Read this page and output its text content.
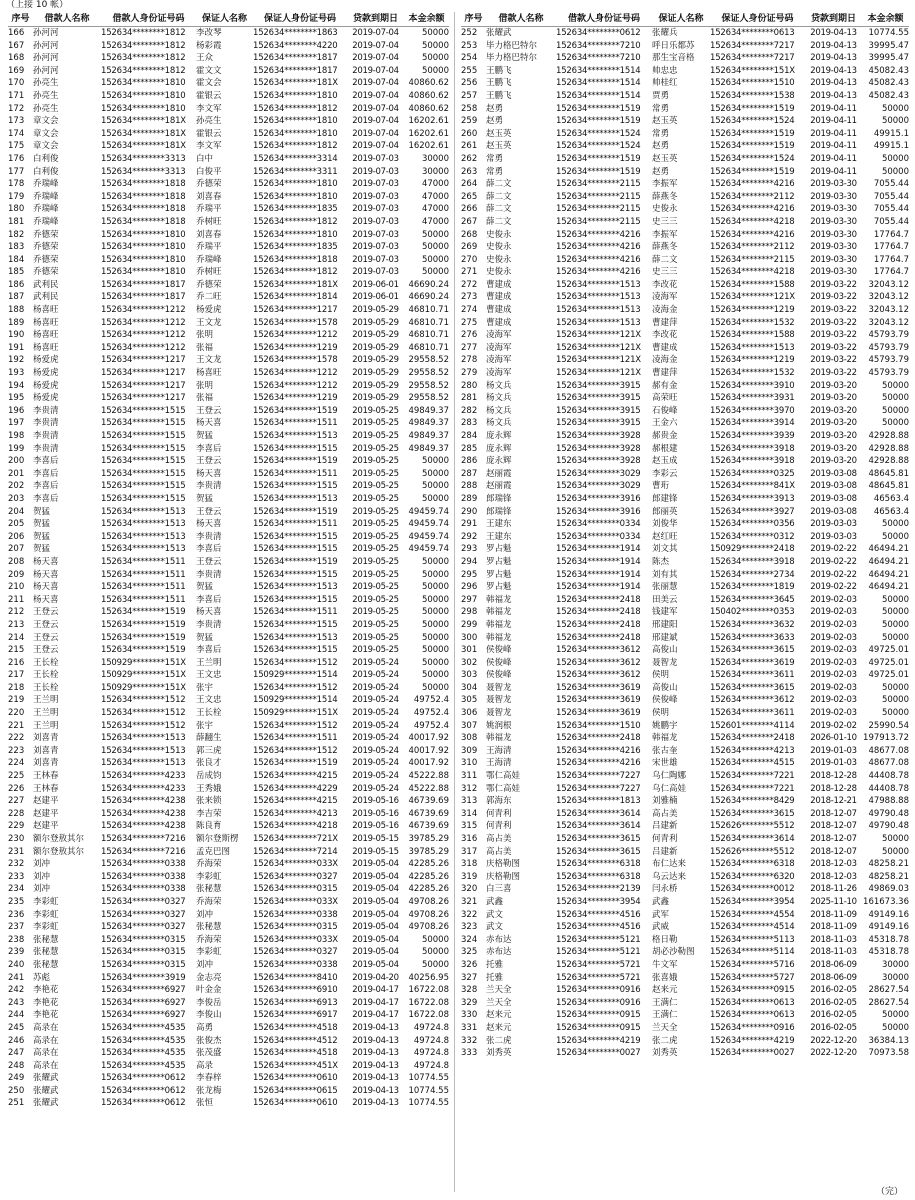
（上接 10 帐）
序号	借款人名称	借款人身份证号码	保证人名称	保证人身份证号码	贷款到期日	本金余额
166	孙河河	152634********1812	李改琴	152634********1863	2019-07-04	50000
167	孙河河	152634********1812	杨彩霞	152634********4220	2019-07-04	50000
168	孙河河	152634********1812	王众	152634********1817	2019-07-04	50000
169	孙河河	152634********1812	霍文文	152634********1817	2019-07-04	50000
170	孙亮生	152634********1810	霍文会	152634********181X	2019-07-04	40860.62
171	孙亮生	152634********1810	霍银云	152634********1810	2019-07-04	40860.62
172	孙亮生	152634********1810	李文军	152634********1812	2019-07-04	40860.62
173	章文会	152634********181X	孙亮生	152634********1810	2019-07-04	16202.61
174	章文会	152634********181X	霍银云	152634********1810	2019-07-04	16202.61
175	章文会	152634********181X	李文军	152634********1812	2019-07-04	16202.61
176	白利俊	152634********3313	白中	152634********3314	2019-07-03	30000
177	白利俊	152634********3313	白俊平	152634********3311	2019-07-03	30000
178	乔瑞峰	152634********1818	乔德荣	152634********1810	2019-07-03	47000
179	乔瑞峰	152634********1818	刘喜春	152634********1810	2019-07-03	47000
180	乔瑞峰	152634********1818	乔瑞平	152634********1835	2019-07-03	47000
181	乔瑞峰	152634********1818	乔树旺	152634********1812	2019-07-03	47000
182	乔德荣	152634********1810	刘喜春	152634********1810	2019-07-03	50000
183	乔德荣	152634********1810	乔瑞平	152634********1835	2019-07-03	50000
184	乔德荣	152634********1810	乔瑞峰	152634********1818	2019-07-03	50000
185	乔德荣	152634********1810	乔树旺	152634********1812	2019-07-03	50000
186	武利民	152634********1817	乔德荣	152634********181X	2019-06-01	46690.24
187	武利民	152634********1817	乔二旺	152634********1814	2019-06-01	46690.24
188	杨喜旺	152634********1212	杨爱虎	152634********1217	2019-05-29	46810.71
189	杨喜旺	152634********1212	王文龙	152634********1578	2019-05-29	46810.71
190	杨喜旺	152634********1212	张明	152634********1212	2019-05-29	46810.71
191	杨喜旺	152634********1212	张福	152634********1219	2019-05-29	46810.71
192	杨爱虎	152634********1217	王文龙	152634********1578	2019-05-29	29558.52
193	杨爱虎	152634********1217	杨喜旺	152634********1212	2019-05-29	29558.52
194	杨爱虎	152634********1217	张明	152634********1212	2019-05-29	29558.52
195	杨爱虎	152634********1217	张福	152634********1219	2019-05-29	29558.52
196	李贵清	152634********1515	王登云	152634********1519	2019-05-25	49849.37
197	李贵清	152634********1515	杨天喜	152634********1511	2019-05-25	49849.37
198	李贵清	152634********1515	贺猛	152634********1513	2019-05-25	49849.37
199	李贵清	152634********1515	李喜后	152634********1515	2019-05-25	49849.37
200	李喜后	152634********1515	王登云	152634********1519	2019-05-25	50000
201	李喜后	152634********1515	杨天喜	152634********1511	2019-05-25	50000
202	李喜后	152634********1515	李贵清	152634********1515	2019-05-25	50000
203	李喜后	152634********1515	贺猛	152634********1513	2019-05-25	50000
204	贺猛	152634********1513	王登云	152634********1519	2019-05-25	49459.74
205	贺猛	152634********1513	杨天喜	152634********1511	2019-05-25	49459.74
206	贺猛	152634********1513	李贵清	152634********1515	2019-05-25	49459.74
207	贺猛	152634********1513	李喜后	152634********1515	2019-05-25	49459.74
208	杨天喜	152634********1511	王登云	152634********1519	2019-05-25	50000
209	杨天喜	152634********1511	李贵清	152634********1515	2019-05-25	50000
210	杨天喜	152634********1511	贺猛	152634********1513	2019-05-25	50000
211	杨天喜	152634********1511	李喜后	152634********1515	2019-05-25	50000
212	王登云	152634********1519	杨天喜	152634********1511	2019-05-25	50000
213	王登云	152634********1519	李贵清	152634********1515	2019-05-25	50000
214	王登云	152634********1519	贺猛	152634********1513	2019-05-25	50000
215	王登云	152634********1519	李喜后	152634********1515	2019-05-25	50000
216	王长栓	150929********151X	王兰明	152634********1512	2019-05-24	50000
217	王长栓	150929********151X	王文忠	150929********1514	2019-05-24	50000
218	王长栓	150929********151X	张宇	152634********1512	2019-05-24	50000
219	王兰明	152634********1512	王文忠	150929********1514	2019-05-24	49752.4
220	王兰明	152634********1512	王长栓	150929********151X	2019-05-24	49752.4
221	王兰明	152634********1512	张宇	152634********1512	2019-05-24	49752.4
222	刘喜青	152634********1513	薛翻生	152634********1511	2019-05-24	40017.92
223	刘喜青	152634********1513	郭三虎	152634********1512	2019-05-24	40017.92
224	刘喜青	152634********1513	张良才	152634********1519	2019-05-24	40017.92
225	王林春	152634********4233	岳成钧	152634********4215	2019-05-24	45222.88
226	王林春	152634********4233	王秀娥	152634********4229	2019-05-24	45222.88
227	赵建平	152634********4238	张来锁	152634********4215	2019-05-16	46739.69
228	赵建平	152634********4238	李吉荣	152634********4213	2019-05-16	46739.69
229	赵建平	152634********4238	陈良育	152634********4218	2019-05-16	46739.69
230	额尔登敖其尔	152634********7216	额尔登斯楞	152634********721X	2019-05-15	39785.29
231	额尔登敖其尔	152634********7216	孟克巴图	152634********7214	2019-05-15	39785.29
232	刘冲	152634********0338	乔海荣	152634********033X	2019-05-04	42285.26
233	刘冲	152634********0338	李彩虹	152634********0327	2019-05-04	42285.26
234	刘冲	152634********0338	张秘慧	152634********0315	2019-05-04	42285.26
235	李彩虹	152634********0327	乔海荣	152634********033X	2019-05-04	49708.26
236	李彩虹	152634********0327	刘冲	152634********0338	2019-05-04	49708.26
237	李彩虹	152634********0327	张秘慧	152634********0315	2019-05-04	49708.26
238	张秘慧	152634********0315	乔海荣	152634********033X	2019-05-04	50000
239	张秘慧	152634********0315	李彩虹	152634********0327	2019-05-04	50000
240	张秘慧	152634********0315	刘冲	152634********0338	2019-05-04	50000
241	苏彪	152634********3919	金志亮	152634********8410	2019-04-20	40256.95
242	李艳花	152634********6927	叶金金	152634********6910	2019-04-17	16722.08
243	李艳花	152634********6927	李俊岳	152634********6913	2019-04-17	16722.08
244	李艳花	152634********6927	李俊山	152634********6917	2019-04-17	16722.08
245	高录在	152634********4535	高勇	152634********4518	2019-04-13	49724.8
246	高录在	152634********4535	张俊杰	152634********4512	2019-04-13	49724.8
247	高录在	152634********4535	张茂盛	152634********4518	2019-04-13	49724.8
248	高录在	152634********4535	高录	152634********451X	2019-04-13	49724.8
249	张耀武	152634********0612	李春梓	152634********0610	2019-04-13	10774.55
250	张耀武	152634********0612	张龙梅	152634********0615	2019-04-13	10774.55
251	张耀武	152634********0612	张恒	152634********0610	2019-04-13	10774.55
序号	借款人名称	借款人身份证号码	保证人名称	保证人身份证号码	贷款到期日	本金余额
252	张耀武	152634********0612	张耀兵	152634********0613	2019-04-13	10774.55
253	毕力格巴特尔	152634********7210	呼日乐都苏	152634********7217	2019-04-13	39995.47
254	毕力格巴特尔	152634********7210	那生宝音格	152634********7217	2019-04-13	39995.47
255	王鹏飞	152634********1514	帅忠忠	152634********151X	2019-04-13	45082.43
256	王鹏飞	152634********1514	帅桂红	152634********1510	2019-04-13	45082.43
257	王鹏飞	152634********1514	贾勇	152634********1538	2019-04-13	45082.43
258	赵勇	152634********1519	常勇	152634********1519	2019-04-11	50000
259	赵勇	152634********1519	赵玉英	152634********1524	2019-04-11	50000
260	赵玉英	152634********1524	常勇	152634********1519	2019-04-11	49915.1
261	赵玉英	152634********1524	赵勇	152634********1519	2019-04-11	49915.1
262	常勇	152634********1519	赵玉英	152634********1524	2019-04-11	50000
263	常勇	152634********1519	赵勇	152634********1519	2019-04-11	50000
264	薛二文	152634********2115	李振军	152634********4216	2019-03-30	7055.44
265	薛二文	152634********2115	薛燕冬	152634********2112	2019-03-30	7055.44
266	薛二文	152634********2115	史俊永	152634********4216	2019-03-30	7055.44
267	薛二文	152634********2115	史三三	152634********4218	2019-03-30	7055.44
268	史俊永	152634********4216	李振军	152634********4216	2019-03-30	17764.7
269	史俊永	152634********4216	薛燕冬	152634********2112	2019-03-30	17764.7
270	史俊永	152634********4216	薛二文	152634********2115	2019-03-30	17764.7
271	史俊永	152634********4216	史三三	152634********4218	2019-03-30	17764.7
272	曹建成	152634********1513	李改花	152634********1588	2019-03-22	32043.12
273	曹建成	152634********1513	凌海军	152634********121X	2019-03-22	32043.12
274	曹建成	152634********1513	凌海金	152634********1219	2019-03-22	32043.12
275	曹建成	152634********1513	曹建萍	152634********1532	2019-03-22	32043.12
276	凌海军	152634********121X	李改花	152634********1588	2019-03-22	45793.79
277	凌海军	152634********121X	曹建成	152634********1513	2019-03-22	45793.79
278	凌海军	152634********121X	凌海金	152634********1219	2019-03-22	45793.79
279	凌海军	152634********121X	曹建萍	152634********1532	2019-03-22	45793.79
280	杨文兵	152634********3915	郝有金	152634********3910	2019-03-20	50000
281	杨文兵	152634********3915	高荣旺	152634********3931	2019-03-20	50000
282	杨文兵	152634********3915	石俊峰	152634********3970	2019-03-20	50000
283	杨文兵	152634********3915	王金六	152634********3914	2019-03-20	50000
284	庞永辉	152634********3928	郝贵金	152634********3939	2019-03-20	42928.88
285	庞永辉	152634********3928	郝根建	152634********3918	2019-03-20	42928.88
286	庞永辉	152634********3928	赵玉成	152634********3918	2019-03-20	42928.88
287	赵丽霞	152634********3029	李彩云	152634********0325	2019-03-08	48645.81
288	赵丽霞	152634********3029	曹珩	152634********841X	2019-03-08	48645.81
289	郎瑞锋	152634********3916	郎建锋	152634********3913	2019-03-08	46563.4
290	郎瑞锋	152634********3916	郎丽英	152634********3927	2019-03-08	46563.4
291	王建东	152634********0334	刘俊华	152634********0356	2019-03-03	50000
292	王建东	152634********0334	赵红旺	152634********0312	2019-03-03	50000
293	罗占魁	152634********1914	刘文其	150929********2418	2019-02-22	46494.21
294	罗占魁	152634********1914	陈杰	152634********3918	2019-02-22	46494.21
295	罗占魁	152634********1914	刘有其	152634********2734	2019-02-22	46494.21
296	罗占魁	152634********1914	张丽慧	152634********1819	2019-02-22	46494.21
297	韩福龙	152634********2418	田美云	152634********3645	2019-02-03	50000
298	韩福龙	152634********2418	钱建军	150402********0353	2019-02-03	50000
299	韩福龙	152634********2418	邢建阳	152634********3632	2019-02-03	50000
300	韩福龙	152634********2418	邢建斌	152634********3633	2019-02-03	50000
301	侯俊峰	152634********3612	高俊山	152634********3615	2019-02-03	49725.01
302	侯俊峰	152634********3612	聂智龙	152634********3619	2019-02-03	49725.01
303	侯俊峰	152634********3612	侯明	152634********3611	2019-02-03	49725.01
304	聂智龙	152634********3619	高俊山	152634********3615	2019-02-03	50000
305	聂智龙	152634********3619	侯俊峰	152634********3612	2019-02-03	50000
306	聂智龙	152634********3619	侯明	152634********3611	2019-02-03	50000
307	姚润根	152634********1510	姚鹏宇	152601********4114	2019-02-02	25990.54
308	韩福龙	152634********2418	韩福龙	152634********2418	2026-01-10	197913.72
309	王海清	152634********4216	张古奎	152634********4213	2019-01-03	48677.08
310	王海清	152634********4216	宋世雄	152634********4515	2019-01-03	48677.08
311	鄂仁高娃	152634********7227	乌仁陶娜	152634********7221	2018-12-28	44408.78
312	鄂仁高娃	152634********7227	乌仁高娃	152634********7221	2018-12-28	44408.78
313	郭海东	152634********1813	刘雅楠	152634********8429	2018-12-21	47988.88
314	何青利	152634********3614	高占美	152634********3615	2018-12-07	49790.48
315	何青利	152634********3614	吕建新	152626********5512	2018-12-07	49790.48
316	高占美	152634********3615	何青利	152634********3614	2018-12-07	50000
317	高占美	152634********3615	吕建新	152626********5512	2018-12-07	50000
318	庆格勒图	152634********6318	布仁达来	152634********6318	2018-12-03	48258.21
319	庆格勒图	152634********6318	乌云达来	152634********6320	2018-12-03	48258.21
320	白三喜	152634********2139	闫永桥	152634********0012	2018-11-26	49869.03
321	武鑫	152634********3954	武鑫	152634********3954	2025-11-10	161673.36
322	武文	152634********4516	武军	152634********4554	2018-11-09	49149.16
323	武文	152634********4516	武威	152634********4514	2018-11-09	49149.16
324	赤布达	152634********5121	格日勒	152634********5113	2018-11-03	45318.78
325	赤布达	152634********5121	胡必沙勒图	152634********5114	2018-11-03	45318.78
326	托雅	152634********5721	牛文军	152634********5716	2018-06-09	30000
327	托雅	152634********5721	张喜娥	152634********5727	2018-06-09	30000
328	兰天全	152634********0916	赵来元	152634********0915	2016-02-05	28627.54
329	兰天全	152634********0916	王满仁	152634********0613	2016-02-05	28627.54
330	赵来元	152634********0915	王满仁	152634********0613	2016-02-05	50000
331	赵来元	152634********0915	兰天全	152634********0916	2016-02-05	50000
332	张二虎	152634********4219	张二虎	152634********4219	2022-12-20	36384.13
333	刘秀英	152634********0027	刘秀英	152634********0027	2022-12-20	70973.58
（完）
